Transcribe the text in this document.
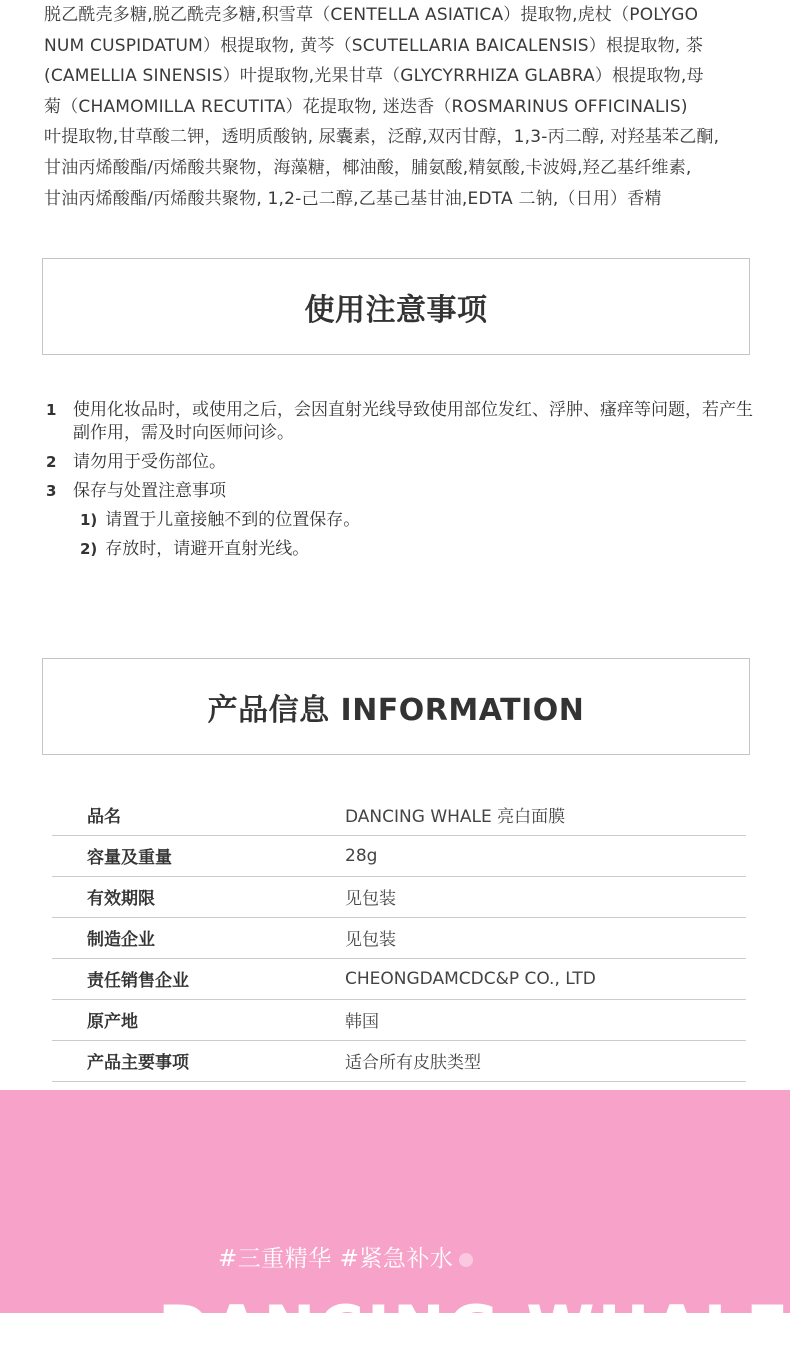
脱乙酰壳多糖,脱乙酰壳多糖,积雪草（CENTELLA ASIATICA）提取物,虎杖（POLYGO
NUM CUSPIDATUM）根提取物, 黄芩（SCUTELLARIA BAICALENSIS）根提取物, 茶
(CAMELLIA SINENSIS）叶提取物,光果甘草（GLYCYRRHIZA GLABRA）根提取物,母
菊（CHAMOMILLA RECUTITA）花提取物, 迷迭香（ROSMARINUS OFFICINALIS)
叶提取物,甘草酸二钾，透明质酸钠, 尿囊素，泛醇,双丙甘醇，1,3-丙二醇, 对羟基苯乙酮,
甘油丙烯酸酯/丙烯酸共聚物，海藻糖，椰油酸，脯氨酸,精氨酸,卡波姆,羟乙基纤维素,
甘油丙烯酸酯/丙烯酸共聚物, 1,2-己二醇,乙基己基甘油,EDTA 二钠,（日用）香精
使用注意事项
1 使用化妆品时，或使用之后，会因直射光线导致使用部位发红、浮肿、瘙痒等问题，若产生副作用，需及时向医师问诊。
2 请勿用于受伤部位。
3 保存与处置注意事项
1) 请置于儿童接触不到的位置保存。
2) 存放时，请避开直射光线。
产品信息 INFORMATION
品名	DANCING WHALE 亮白面膜
容量及重量	28g
有效期限	见包装
制造企业	见包装
责任销售企业	CHEONGDAMCDC&P CO., LTD
原产地	韩国
产品主要事项	适合所有皮肤类型
#三重精华 #紧急补水
DANCING WHALE
